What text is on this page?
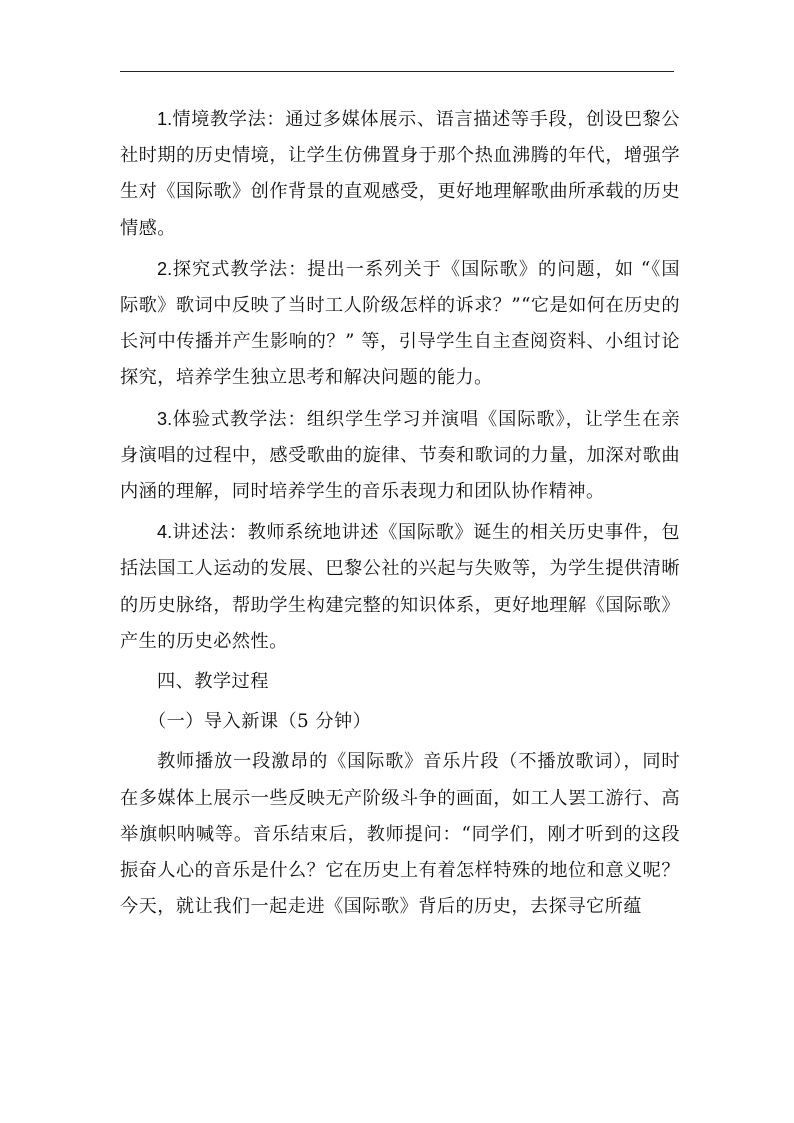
1.情境教学法：通过多媒体展示、语言描述等手段，创设巴黎公社时期的历史情境，让学生仿佛置身于那个热血沸腾的年代，增强学生对《国际歌》创作背景的直观感受，更好地理解歌曲所承载的历史情感。

2.探究式教学法：提出一系列关于《国际歌》的问题，如 “《国际歌》歌词中反映了当时工人阶级怎样的诉求？”“它是如何在历史的长河中传播并产生影响的？” 等，引导学生自主查阅资料、小组讨论探究，培养学生独立思考和解决问题的能力。

3.体验式教学法：组织学生学习并演唱《国际歌》，让学生在亲身演唱的过程中，感受歌曲的旋律、节奏和歌词的力量，加深对歌曲内涵的理解，同时培养学生的音乐表现力和团队协作精神。

4.讲述法：教师系统地讲述《国际歌》诞生的相关历史事件，包括法国工人运动的发展、巴黎公社的兴起与失败等，为学生提供清晰的历史脉络，帮助学生构建完整的知识体系，更好地理解《国际歌》产生的历史必然性。

四、教学过程

（一）导入新课（5 分钟）

教师播放一段激昂的《国际歌》音乐片段（不播放歌词），同时在多媒体上展示一些反映无产阶级斗争的画面，如工人罢工游行、高举旗帜呐喊等。音乐结束后，教师提问：“同学们，刚才听到的这段振奋人心的音乐是什么？它在历史上有着怎样特殊的地位和意义呢？今天，就让我们一起走进《国际歌》背后的历史，去探寻它所蕴
